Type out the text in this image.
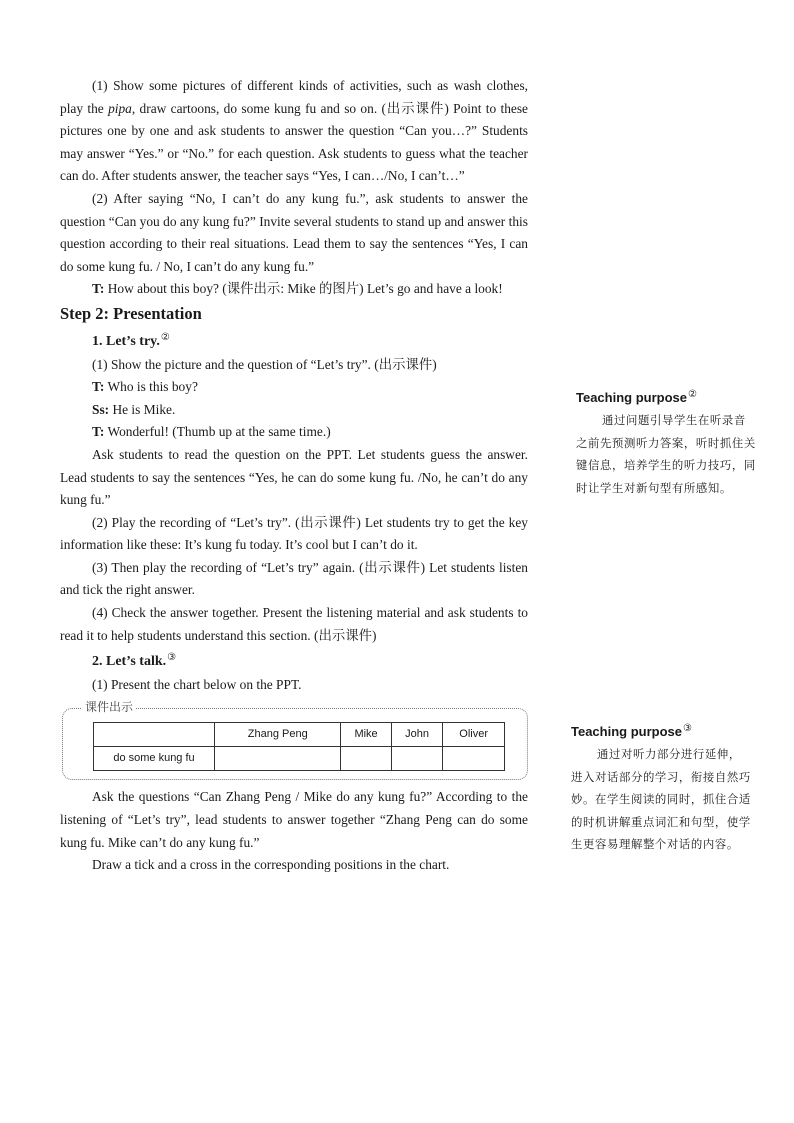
(1) Show some pictures of different kinds of activities, such as wash clothes, play the pipa, draw cartoons, do some kung fu and so on. (出示课件) Point to these pictures one by one and ask students to answer the question “Can you…?” Students may answer “Yes.” or “No.” for each question. Ask students to guess what the teacher can do. After students answer, the teacher says “Yes, I can…/No, I can’t…”

(2) After saying “No, I can’t do any kung fu.”, ask students to answer the question “Can you do any kung fu?” Invite several students to stand up and answer this question according to their real situations. Lead them to say the sentences “Yes, I can do some kung fu. / No, I can’t do any kung fu.”

T: How about this boy? (课件出示: Mike 的图片) Let’s go and have a look!

Step 2: Presentation

1. Let’s try.②

(1) Show the picture and the question of “Let’s try”. (出示课件)

T: Who is this boy?

Ss: He is Mike.

T: Wonderful! (Thumb up at the same time.)

Ask students to read the question on the PPT. Let students guess the answer. Lead students to say the sentences “Yes, he can do some kung fu. /No, he can’t do any kung fu.”

(2) Play the recording of “Let’s try”. (出示课件) Let students try to get the key information like these: It’s kung fu today. It’s cool but I can’t do it.

(3) Then play the recording of “Let’s try” again. (出示课件) Let students listen and tick the right answer.

(4) Check the answer together. Present the listening material and ask students to read it to help students understand this section. (出示课件)

2. Let’s talk.③

(1) Present the chart below on the PPT.

课件出示
	Zhang Peng	Mike	John	Oliver
do some kung fu				

Ask the questions “Can Zhang Peng / Mike do any kung fu?” According to the listening of “Let’s try”, lead students to answer together “Zhang Peng can do some kung fu. Mike can’t do any kung fu.”

Draw a tick and a cross in the corresponding positions in the chart.

Teaching purpose②
通过问题引导学生在听录音之前先预测听力答案，听时抓住关键信息，培养学生的听力技巧，同时让学生对新句型有所感知。
Teaching purpose③
通过对听力部分进行延伸，进入对话部分的学习，衔接自然巧妙。在学生阅读的同时，抓住合适的时机讲解重点词汇和句型，使学生更容易理解整个对话的内容。
